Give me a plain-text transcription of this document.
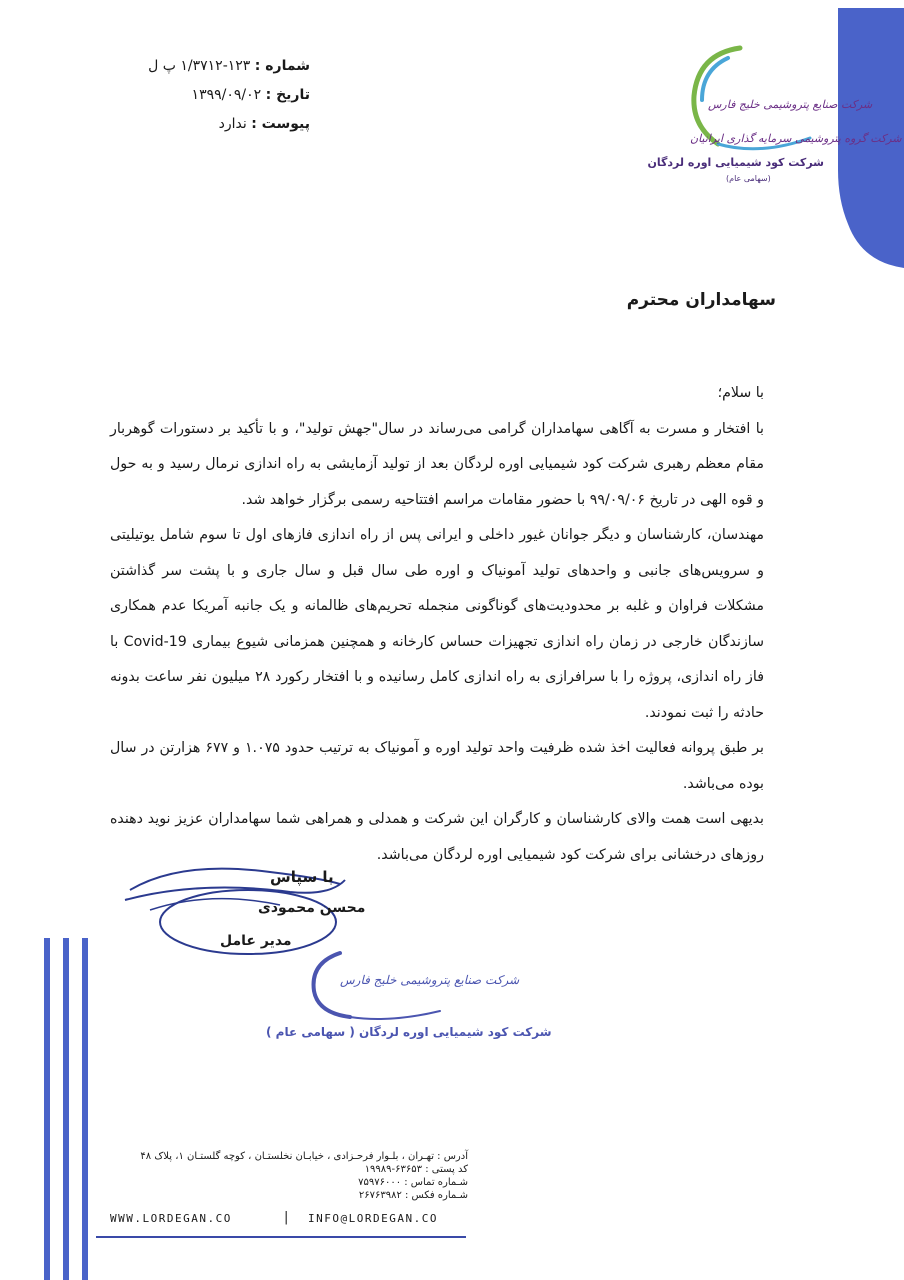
شماره : ۱۲۳-۱/۳۷۱۲ پ ل
تاریخ : ۱۳۹۹/۰۹/۰۲
پیوست : ندارد
شرکت صنایع پتروشیمی خلیج فارس
شرکت گروه پتروشیمی سرمایه گذاری ایرانیان
شرکت کود شیمیایی اوره لردگان
(سهامی عام)
سهامداران محترم

با سلام؛

با افتخار و مسرت به آگاهی سهامداران گرامی می‌رساند در سال"جهش تولید"، و با تأکید بر دستورات گوهربار مقام معظم رهبری شرکت کود شیمیایی اوره لردگان بعد از تولید آزمایشی به راه اندازی نرمال رسید و به حول و قوه الهی در تاریخ ۹۹/۰۹/۰۶ با حضور مقامات مراسم افتتاحیه رسمی برگزار خواهد شد.

مهندسان، کارشناسان و دیگر جوانان غیور داخلی و ایرانی پس از راه اندازی فازهای اول تا سوم شامل یوتیلیتی و سرویس‌های جانبی و واحدهای تولید آمونیاک و اوره طی سال قبل و سال جاری و با پشت سر گذاشتن مشکلات فراوان و غلبه بر محدودیت‌های گوناگونی منجمله تحریم‌های ظالمانه و یک جانبه آمریکا عدم همکاری سازندگان خارجی در زمان راه اندازی تجهیزات حساس کارخانه و همچنین همزمانی شیوع بیماری Covid-19 با فاز راه اندازی، پروژه را با سرافرازی به راه اندازی کامل رسانیده و با افتخار رکورد ۲۸ میلیون نفر ساعت بدونه حادثه را ثبت نمودند.

بر طبق پروانه فعالیت اخذ شده ظرفیت واحد تولید اوره و آمونیاک به ترتیب حدود ۱.۰۷۵ و ۶۷۷ هزارتن در سال بوده می‌باشد.

بدیهی است همت والای کارشناسان و کارگران این شرکت و همدلی و همراهی شما سهامداران عزیز نوید دهنده روزهای درخشانی برای شرکت کود شیمیایی اوره لردگان می‌باشد.

با سپاس
محسن محمودی
مدیر عامل
شرکت صنایع پتروشیمی خلیج فارس
شرکت کود شیمیایی اوره لردگان ( سهامی عام )
آدرس : تهـران ، بلـوار فرحـزادی ، خیابـان نخلستـان ، کوچه گلستـان ۱، پلاک ۴۸
کد پستی : ۶۳۶۵۳-۱۹۹۸۹
شـماره تماس : ۷۵۹۷۶۰۰۰
شـماره فکس : ۲۶۷۶۳۹۸۲
WWW.LORDEGAN.CO	| INFO@LORDEGAN.CO
